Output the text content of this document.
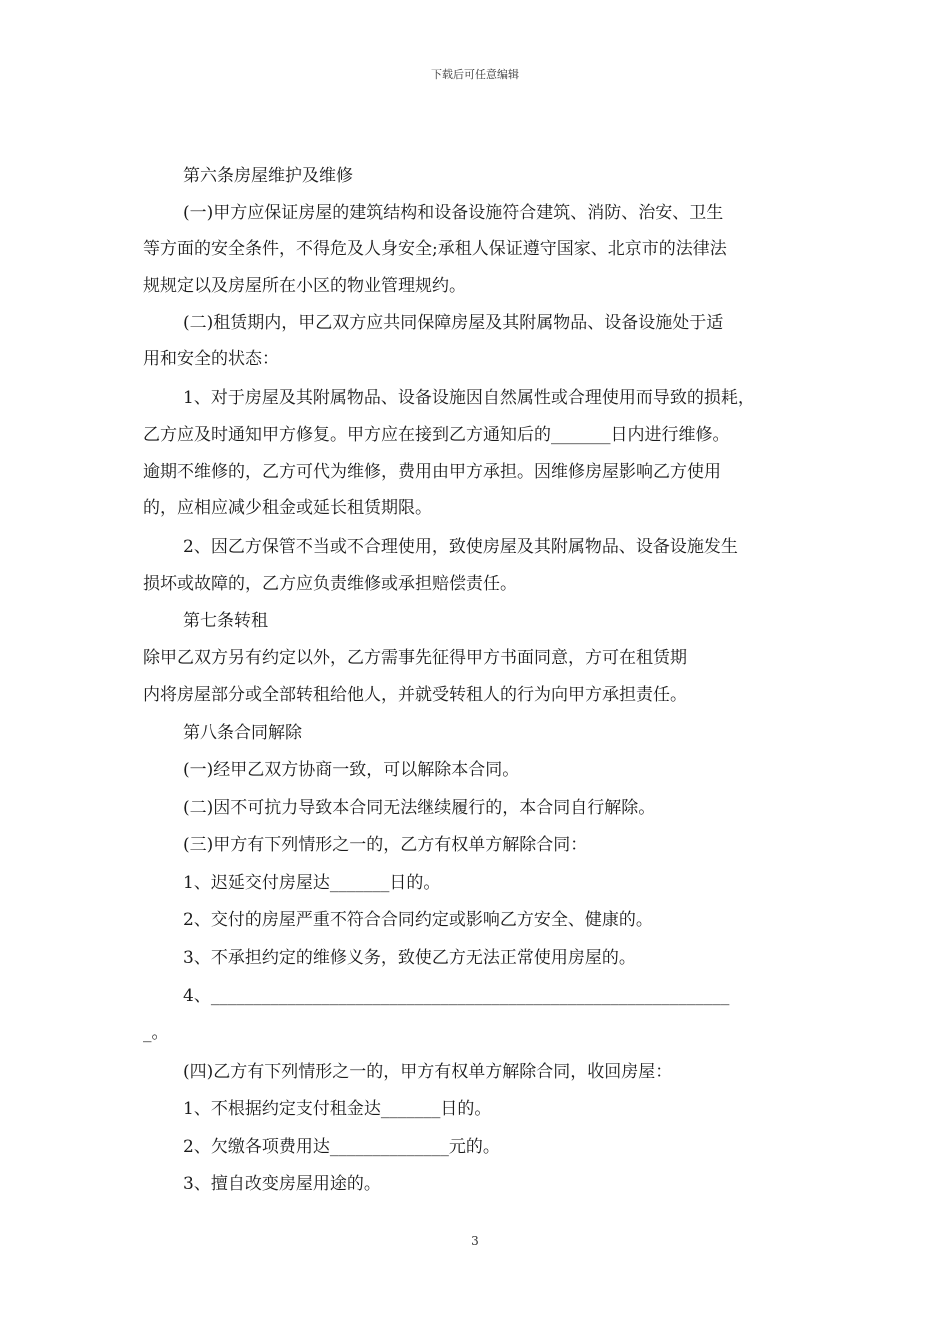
下载后可任意编辑
第六条房屋维护及维修
(一)甲方应保证房屋的建筑结构和设备设施符合建筑、消防、治安、卫生
等方面的安全条件，不得危及人身安全;承租人保证遵守国家、北京市的法律法
规规定以及房屋所在小区的物业管理规约。
(二)租赁期内，甲乙双方应共同保障房屋及其附属物品、设备设施处于适
用和安全的状态：
1、对于房屋及其附属物品、设备设施因自然属性或合理使用而导致的损耗，
乙方应及时通知甲方修复。甲方应在接到乙方通知后的_______日内进行维修。
逾期不维修的，乙方可代为维修，费用由甲方承担。因维修房屋影响乙方使用
的，应相应减少租金或延长租赁期限。
2、因乙方保管不当或不合理使用，致使房屋及其附属物品、设备设施发生
损坏或故障的，乙方应负责维修或承担赔偿责任。
第七条转租
除甲乙双方另有约定以外，乙方需事先征得甲方书面同意，方可在租赁期
内将房屋部分或全部转租给他人，并就受转租人的行为向甲方承担责任。
第八条合同解除
(一)经甲乙双方协商一致，可以解除本合同。
(二)因不可抗力导致本合同无法继续履行的，本合同自行解除。
(三)甲方有下列情形之一的，乙方有权单方解除合同：
1、迟延交付房屋达_______日的。
2、交付的房屋严重不符合合同约定或影响乙方安全、健康的。
3、不承担约定的维修义务，致使乙方无法正常使用房屋的。
4、_____________________________________________________________
_。
(四)乙方有下列情形之一的，甲方有权单方解除合同，收回房屋：
1、不根据约定支付租金达_______日的。
2、欠缴各项费用达______________元的。
3、擅自改变房屋用途的。
3
